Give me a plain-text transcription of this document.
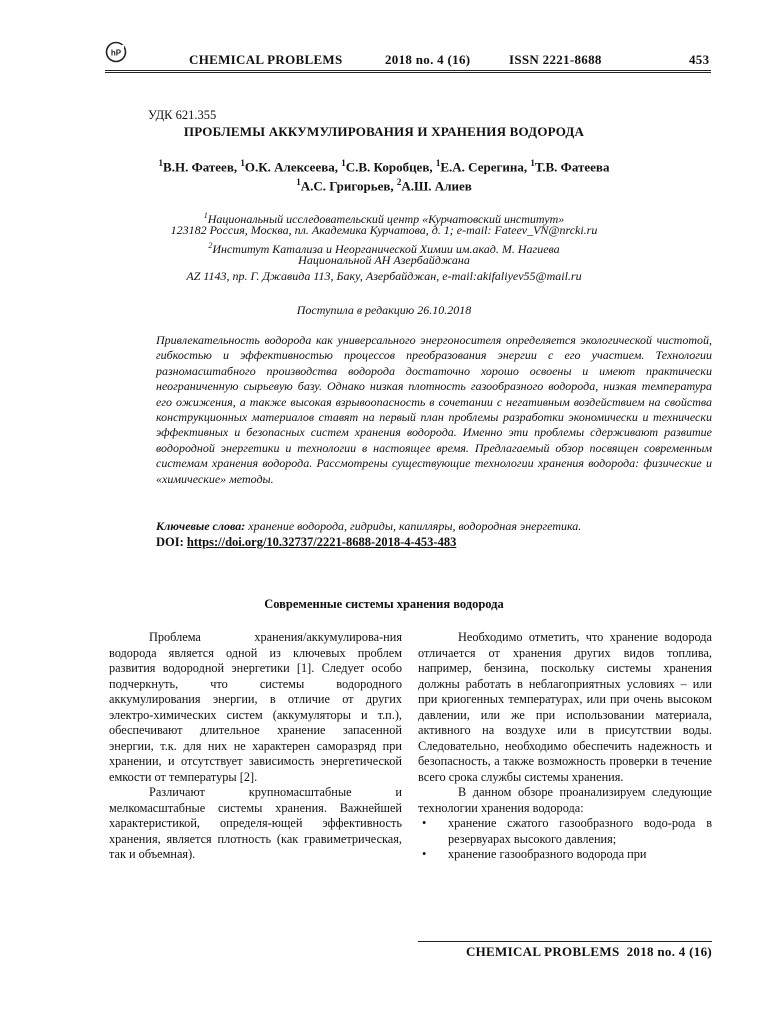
hP	CHEMICAL PROBLEMS	2018 no. 4 (16)	ISSN 2221-8688	453
УДК 621.355
ПРОБЛЕМЫ АККУМУЛИРОВАНИЯ И ХРАНЕНИЯ ВОДОРОДА
$^1$В.Н. Фатеев, $^1$О.К. Алексеева, $^1$С.В. Коробцев, $^1$Е.А. Серегина, $^1$Т.В. Фатеева
$^1$А.С. Григорьев, $^2$А.Ш. Алиев
$^1$Национальный исследовательский центр «Курчатовский институт»
123182 Россия, Москва, пл. Академика Курчатова, д. 1; e-mail: Fateev_VN@nrcki.ru
$^2$Институт Катализа и Неорганической Химии им.акад. М. Нагиева
Национальной АН Азербайджана
AZ 1143, пр. Г. Джавида 113, Баку, Азербайджан, e-mail:akifaliyev55@mail.ru
Поступила в редакцию 26.10.2018
Привлекательность водорода как универсального энергоносителя определяется экологической чистотой, гибкостью и эффективностью процессов преобразования энергии с его участием. Технологии разномасштабного производства водорода достаточно хорошо освоены и имеют практически неограниченную сырьевую базу. Однако низкая плотность газообразного водорода, низкая температура его ожижения, а также высокая взрывоопасность в сочетании с негативным воздействием на свойства конструкционных материалов ставят на первый план проблемы разработки экономически и технически эффективных и безопасных систем хранения водорода. Именно эти проблемы сдерживают развитие водородной энергетики и технологии в настоящее время. Предлагаемый обзор посвящен современным системам хранения водорода. Рассмотрены существующие технологии хранения водорода: физические и «химические» методы.
Ключевые слова: хранение водорода, гидриды, капилляры, водородная энергетика.
DOI: https://doi.org/10.32737/2221-8688-2018-4-453-483
Современные системы хранения водорода

Проблема хранения/аккумулирова-ния водорода является одной из ключевых проблем развития водородной энергетики [1]. Следует особо подчеркнуть, что системы водородного аккумулирования энергии, в отличие от других электро-химических систем (аккумуляторы и т.п.), обеспечивают длительное хранение запасенной энергии, т.к. для них не характерен саморазряд при хранении, и отсутствует зависимость энергетической емкости от температуры [2].

Различают крупномасштабные и мелкомасштабные системы хранения. Важнейшей характеристикой, определя-ющей эффективность хранения, является плотность (как гравиметрическая, так и объемная).

Необходимо отметить, что хранение водорода отличается от хранения других видов топлива, например, бензина, поскольку системы хранения должны работать в неблагоприятных условиях – или при криогенных температурах, или при очень высоком давлении, или же при использовании материала, активного на воздухе или в присутствии воды. Следовательно, необходимо обеспечить надежность и безопасность, а также возможность проверки в течение всего срока службы системы хранения.

В данном обзоре проанализируем следующие технологии хранения водорода:

• хранение сжатого газообразного водо-рода в резервуарах высокого давления;
• хранение газообразного водорода при
CHEMICAL PROBLEMS 2018 no. 4 (16)
